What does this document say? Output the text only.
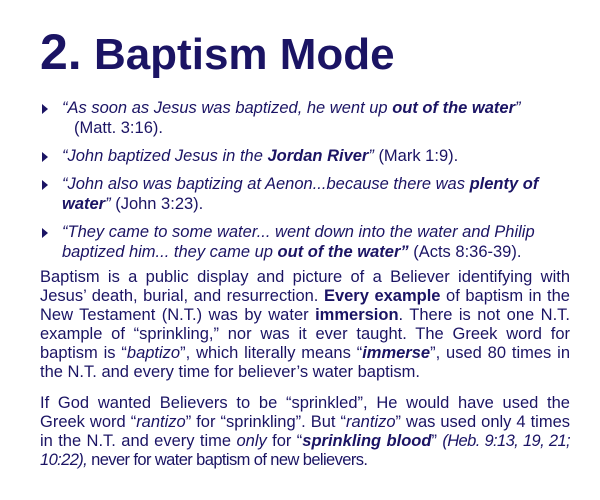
2. Baptism Mode
“As soon as Jesus was baptized, he went up out of the water”
(Matt. 3:16).
“John baptized Jesus in the Jordan River” (Mark 1:9).
“John also was baptizing at Aenon...because there was plenty of water” (John 3:23).
“They came to some water... went down into the water and Philip baptized him... they came up out of the water” (Acts 8:36-39).
Baptism is a public display and picture of a Believer identifying with Jesus’ death, burial, and resurrection. Every example of baptism in the New Testament (N.T.) was by water immersion. There is not one N.T. example of “sprinkling,” nor was it ever taught. The Greek word for baptism is “baptizo”, which literally means “immerse”, used 80 times in the N.T. and every time for believer’s water baptism.
If God wanted Believers to be “sprinkled”, He would have used the Greek word “rantizo” for “sprinkling”. But “rantizo” was used only 4 times in the N.T. and every time only for “sprinkling blood” (Heb. 9:13, 19, 21; 10:22), never for water baptism of new believers.
